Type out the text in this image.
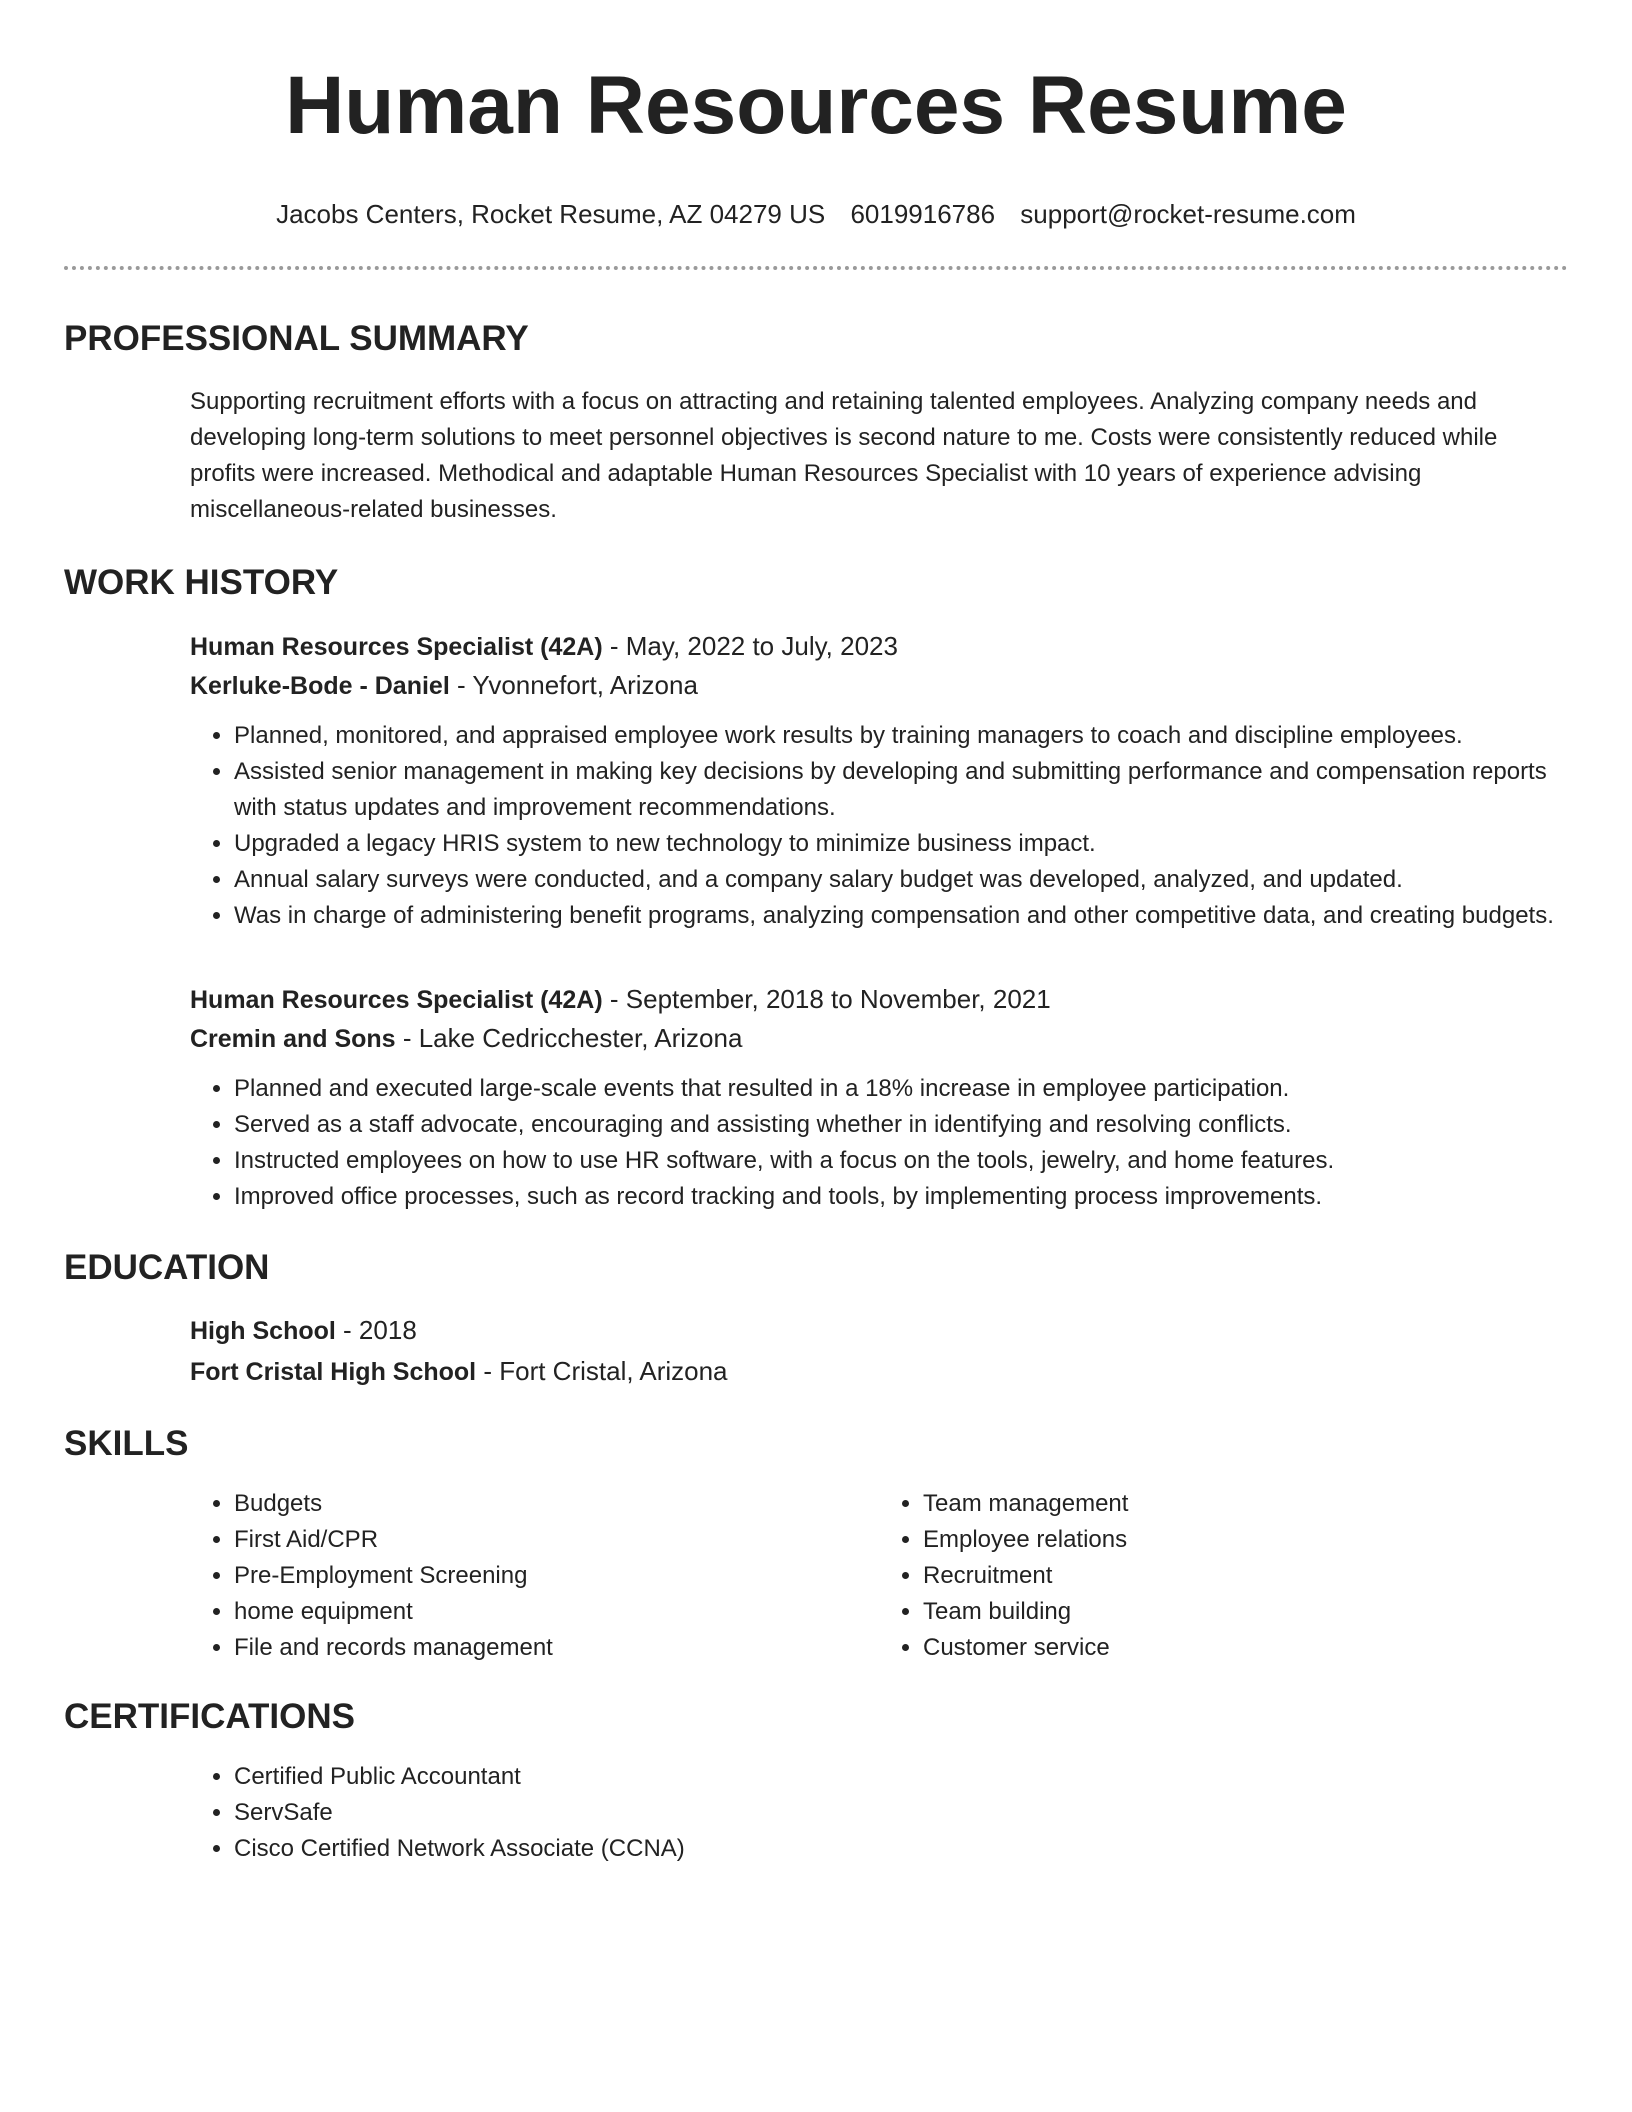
Human Resources Resume
Jacobs Centers, Rocket Resume, AZ 04279 US 6019916786 support@rocket-resume.com
PROFESSIONAL SUMMARY
Supporting recruitment efforts with a focus on attracting and retaining talented employees. Analyzing company needs and developing long-term solutions to meet personnel objectives is second nature to me. Costs were consistently reduced while profits were increased. Methodical and adaptable Human Resources Specialist with 10 years of experience advising miscellaneous-related businesses.
WORK HISTORY
Human Resources Specialist (42A) - May, 2022 to July, 2023
Kerluke-Bode - Daniel - Yvonnefort, Arizona
• Planned, monitored, and appraised employee work results by training managers to coach and discipline employees.
• Assisted senior management in making key decisions by developing and submitting performance and compensation reports with status updates and improvement recommendations.
• Upgraded a legacy HRIS system to new technology to minimize business impact.
• Annual salary surveys were conducted, and a company salary budget was developed, analyzed, and updated.
• Was in charge of administering benefit programs, analyzing compensation and other competitive data, and creating budgets.
Human Resources Specialist (42A) - September, 2018 to November, 2021
Cremin and Sons - Lake Cedricchester, Arizona
• Planned and executed large-scale events that resulted in a 18% increase in employee participation.
• Served as a staff advocate, encouraging and assisting whether in identifying and resolving conflicts.
• Instructed employees on how to use HR software, with a focus on the tools, jewelry, and home features.
• Improved office processes, such as record tracking and tools, by implementing process improvements.
EDUCATION
High School - 2018
Fort Cristal High School - Fort Cristal, Arizona
SKILLS
• Budgets
• First Aid/CPR
• Pre-Employment Screening
• home equipment
• File and records management
• Team management
• Employee relations
• Recruitment
• Team building
• Customer service
CERTIFICATIONS
• Certified Public Accountant
• ServSafe
• Cisco Certified Network Associate (CCNA)
